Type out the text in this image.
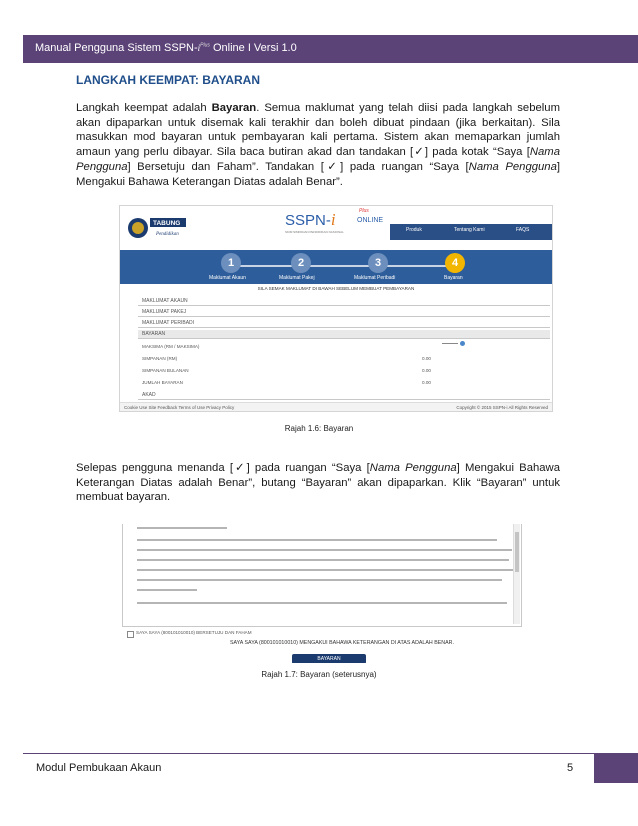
Manual Pengguna Sistem SSPN-$i^{Plus}$ Online I Versi 1.0
LANGKAH KEEMPAT: BAYARAN
Langkah keempat adalah Bayaran. Semua maklumat yang telah diisi pada langkah sebelum akan dipaparkan untuk disemak kali terakhir dan boleh dibuat pindaan (jika berkaitan). Sila masukkan mod bayaran untuk pembayaran kali pertama. Sistem akan memaparkan jumlah amaun yang perlu dibayar. Sila baca butiran akad dan tandakan [✓] pada kotak “Saya [Nama Pengguna] Bersetuju dan Faham”. Tandakan [✓] pada ruangan “Saya [Nama Pengguna] Mengakui Bahawa Keterangan Diatas adalah Benar”.
TABUNG
Pendidikan
SSPN-i	Plus
ONLINE
SKIM SIMPANAN PENDIDIKAN NASIONAL	Produk	Tentang Kami	FAQS
1	2	3	4
Maklumat Akaun	Maklumat Pakej	Maklumat Peribadi	Bayaran
SILA SEMAK MAKLUMAT DI BAWAH SEBELUM MEMBUAT PEMBAYARAN
MAKLUMAT AKAUN
MAKLUMAT PAKEJ
MAKLUMAT PERIBADI
BAYARAN
MAKSIMA (RM / MAKSIMA)
SIMPANAN (RM)	0.00
SIMPANAN BULANAN	0.00
JUMLAH BAYARAN	0.00
AKAD
Cookie Use Site Feedback Terms of Use Privacy Policy	Copyright © 2015 SSPN-i All Rights Reserved
Rajah 1.6: Bayaran
Selepas pengguna menanda [✓] pada ruangan “Saya [Nama Pengguna] Mengakui Bahawa Keterangan Diatas adalah Benar”, butang “Bayaran” akan dipaparkan. Klik “Bayaran” untuk membuat bayaran.
SAYA SAYA (800101010010) BERSETUJU DAN FAHAM
SAYA SAYA (800101010010) MENGAKUI BAHAWA KETERANGAN DI ATAS ADALAH BENAR.
BAYARAN
Rajah 1.7: Bayaran (seterusnya)
Modul Pembukaan Akaun	5
